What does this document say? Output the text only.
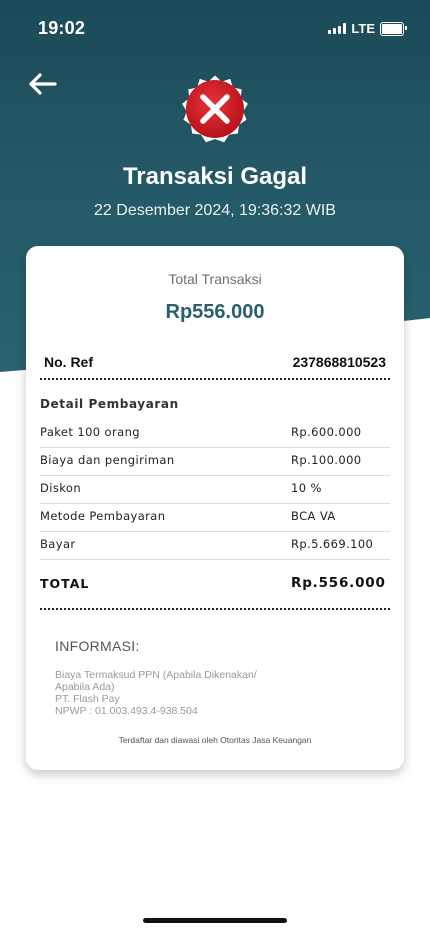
19:02	LTE
Transaksi Gagal
22 Desember 2024, 19:36:32 WIB
Total Transaksi
Rp556.000
No. Ref	237868810523
Detail Pembayaran
Paket 100 orang	Rp.600.000
Biaya dan pengiriman	Rp.100.000
Diskon	10 %
Metode Pembayaran	BCA VA
Bayar	Rp.5.669.100
TOTAL	Rp.556.000
INFORMASI:
Biaya Termaksud PPN (Apabila Dikenakan/
Apabila Ada)
PT. Flash Pay
NPWP : 01.003.493.4-938.504
Terdaftar dan diawasi oleh Otoritas Jasa Keuangan
